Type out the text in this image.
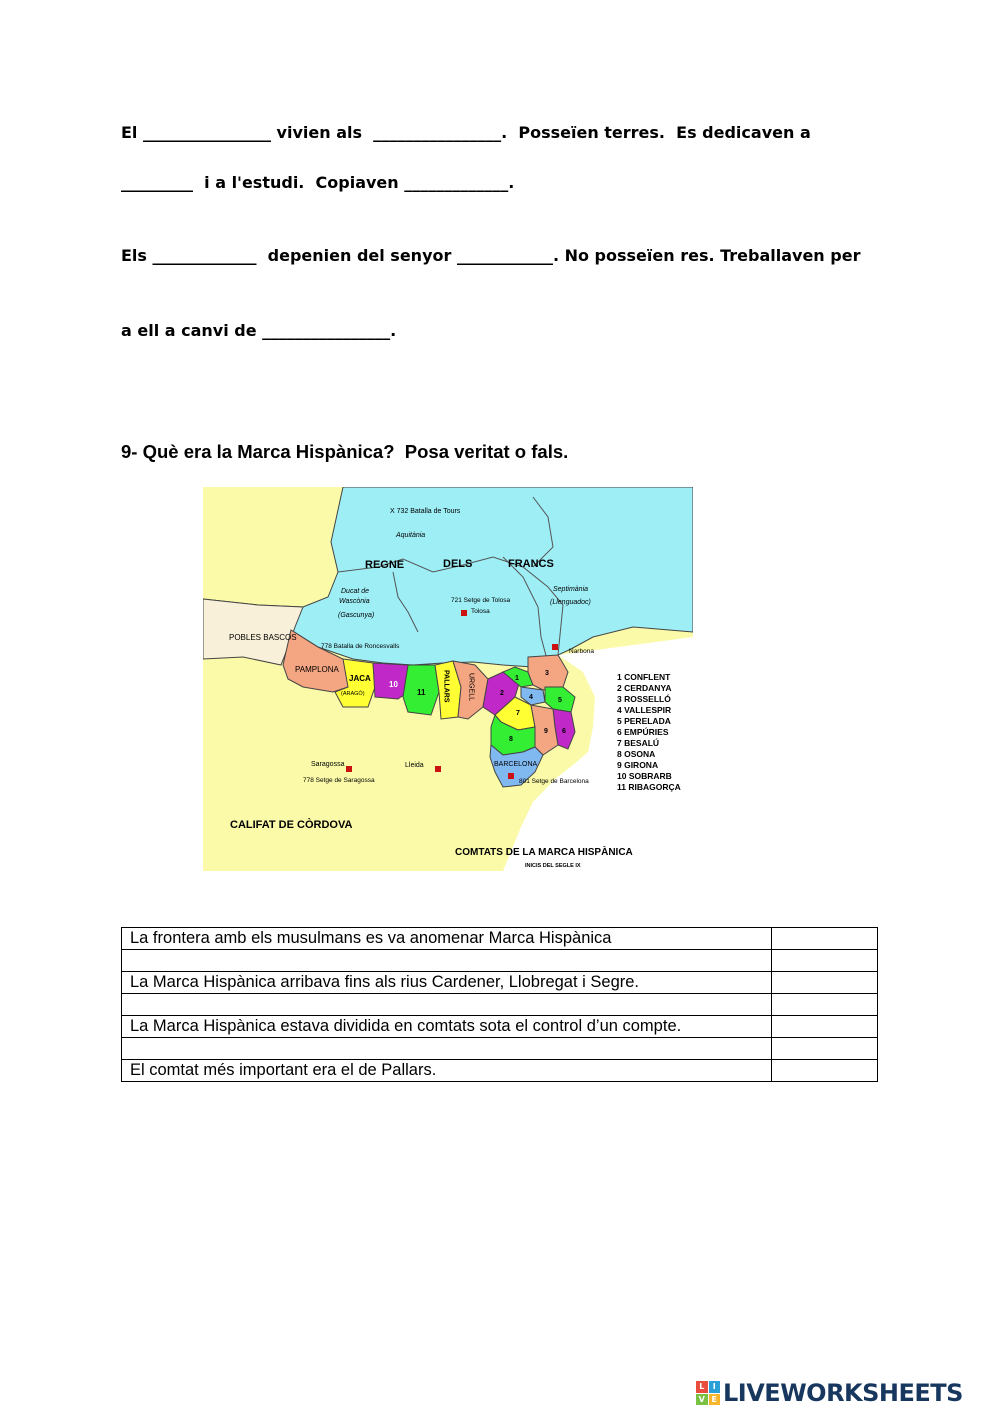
El ________________ vivien als  ________________.  Posseïen terres.  Es dedicaven a
_________  i a l'estudi.  Copiaven _____________.
Els _____________  depenien del senyor ____________. No posseïen res. Treballaven per
a ell a canvi de ________________.
9- Què era la Marca Hispànica?  Posa veritat o fals.
X 732 Batalla de Tours
Aquitània
REGNE	DELS	FRANCS
Ducat de
Wascònia
(Gascunya)
721 Setge de Tolosa
Tolosa
Septimània
(Llenguadoc)
POBLES BASCOS
778 Batalla de Roncesvalls
Narbona
PAMPLONA
JACA
(ARAGÓ)	PALLARS	URGELL
10
11
1
2
3
4	5
6
7
8
9
Saragossa
778 Setge de Saragossa
Lleida	BARCELONA
801 Setge de Barcelona
CALIFAT DE CÒRDOVA
COMTATS DE LA MARCA HISPÀNICA
INICIS DEL SEGLE IX
1 CONFLENT
2 CERDANYA
3 ROSSELLÓ
4 VALLESPIR
5 PERELADA
6 EMPÚRIES
7 BESALÚ
8 OSONA
9 GIRONA
10 SOBRARB
11 RIBAGORÇA
La frontera amb els musulmans es va anomenar Marca Hispànica	

La Marca Hispànica arribava fins als rius Cardener, Llobregat i Segre.	

La Marca Hispànica estava dividida en comtats sota el control d’un compte.	

El comtat més important era el de Pallars.	
L	I
V E LIVEWORKSHEETS
